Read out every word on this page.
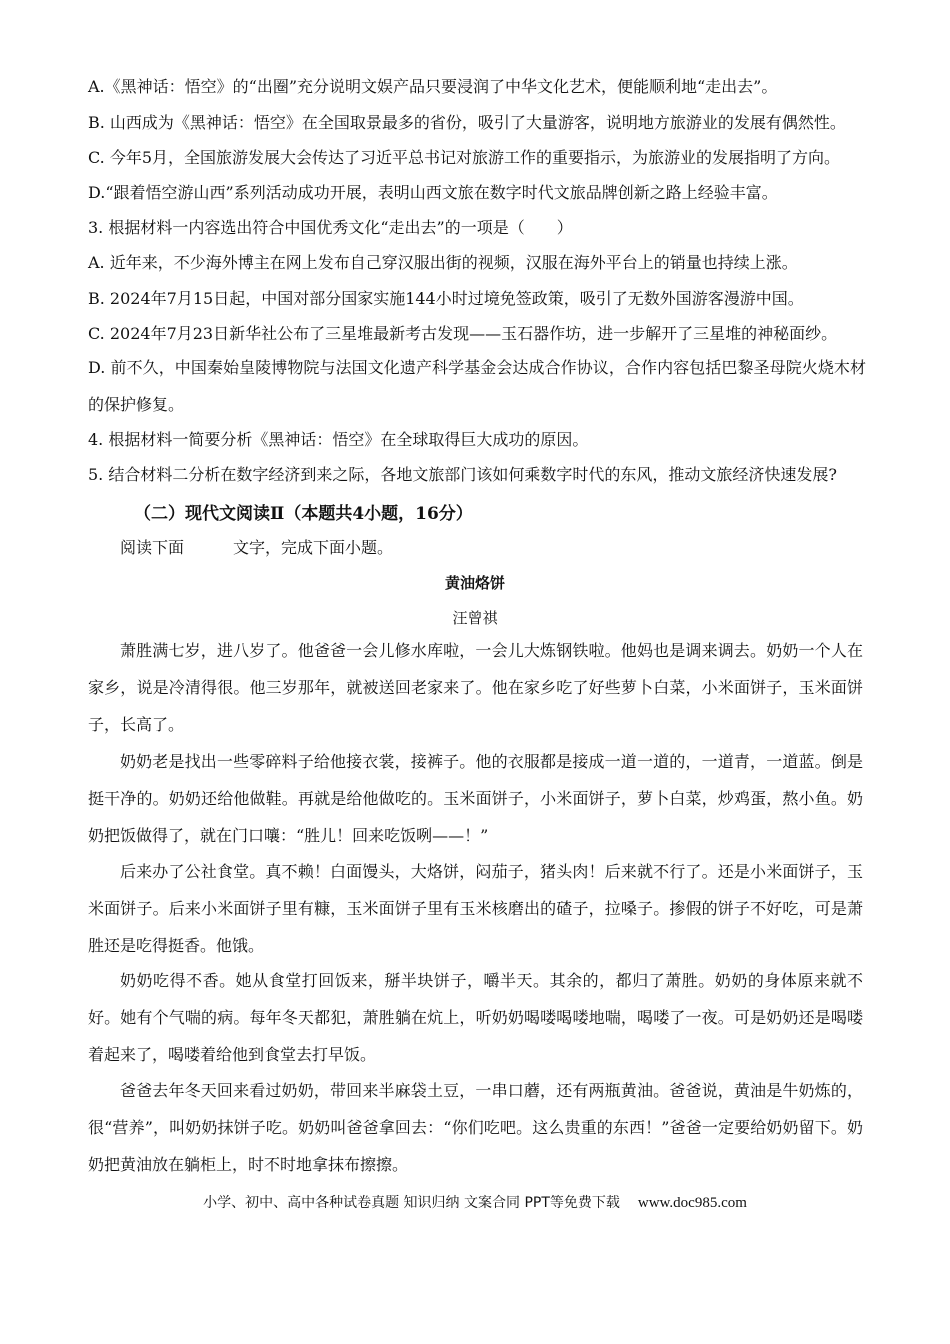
A.《黑神话：悟空》的“出圈”充分说明文娱产品只要浸润了中华文化艺术，便能顺利地“走出去”。
B. 山西成为《黑神话：悟空》在全国取景最多的省份，吸引了大量游客，说明地方旅游业的发展有偶然性。
C. 今年5月，全国旅游发展大会传达了习近平总书记对旅游工作的重要指示，为旅游业的发展指明了方向。
D.“跟着悟空游山西”系列活动成功开展，表明山西文旅在数字时代文旅品牌创新之路上经验丰富。
3. 根据材料一内容选出符合中国优秀文化“走出去”的一项是（　　）
A. 近年来，不少海外博主在网上发布自己穿汉服出街的视频，汉服在海外平台上的销量也持续上涨。
B. 2024年7月15日起，中国对部分国家实施144小时过境免签政策，吸引了无数外国游客漫游中国。
C. 2024年7月23日新华社公布了三星堆最新考古发现——玉石器作坊，进一步解开了三星堆的神秘面纱。
D. 前不久，中国秦始皇陵博物院与法国文化遗产科学基金会达成合作协议，合作内容包括巴黎圣母院火烧木材的保护修复。
4. 根据材料一简要分析《黑神话：悟空》在全球取得巨大成功的原因。
5. 结合材料二分析在数字经济到来之际，各地文旅部门该如何乘数字时代的东风，推动文旅经济快速发展?
（二）现代文阅读Ⅱ（本题共4小题，16分）
阅读下面	文字，完成下面小题。
黄油烙饼
汪曾祺
萧胜满七岁，进八岁了。他爸爸一会儿修水库啦，一会儿大炼钢铁啦。他妈也是调来调去。奶奶一个人在家乡，说是冷清得很。他三岁那年，就被送回老家来了。他在家乡吃了好些萝卜白菜，小米面饼子，玉米面饼子，长高了。
奶奶老是找出一些零碎料子给他接衣裳，接裤子。他的衣服都是接成一道一道的，一道青，一道蓝。倒是挺干净的。奶奶还给他做鞋。再就是给他做吃的。玉米面饼子，小米面饼子，萝卜白菜，炒鸡蛋，熬小鱼。奶奶把饭做得了，就在门口嚷：“胜儿！回来吃饭咧——！”
后来办了公社食堂。真不赖！白面馒头，大烙饼，闷茄子，猪头肉！后来就不行了。还是小米面饼子，玉米面饼子。后来小米面饼子里有糠，玉米面饼子里有玉米核磨出的碴子，拉嗓子。掺假的饼子不好吃，可是萧胜还是吃得挺香。他饿。
奶奶吃得不香。她从食堂打回饭来，掰半块饼子，嚼半天。其余的，都归了萧胜。奶奶的身体原来就不好。她有个气喘的病。每年冬天都犯，萧胜躺在炕上，听奶奶喝喽喝喽地喘，喝喽了一夜。可是奶奶还是喝喽着起来了，喝喽着给他到食堂去打早饭。
爸爸去年冬天回来看过奶奶，带回来半麻袋土豆，一串口蘑，还有两瓶黄油。爸爸说，黄油是牛奶炼的，很“营养”，叫奶奶抹饼子吃。奶奶叫爸爸拿回去：“你们吃吧。这么贵重的东西！”爸爸一定要给奶奶留下。奶奶把黄油放在躺柜上，时不时地拿抹布擦擦。
小学、初中、高中各种试卷真题 知识归纳 文案合同 PPT等免费下载 www.doc985.com
